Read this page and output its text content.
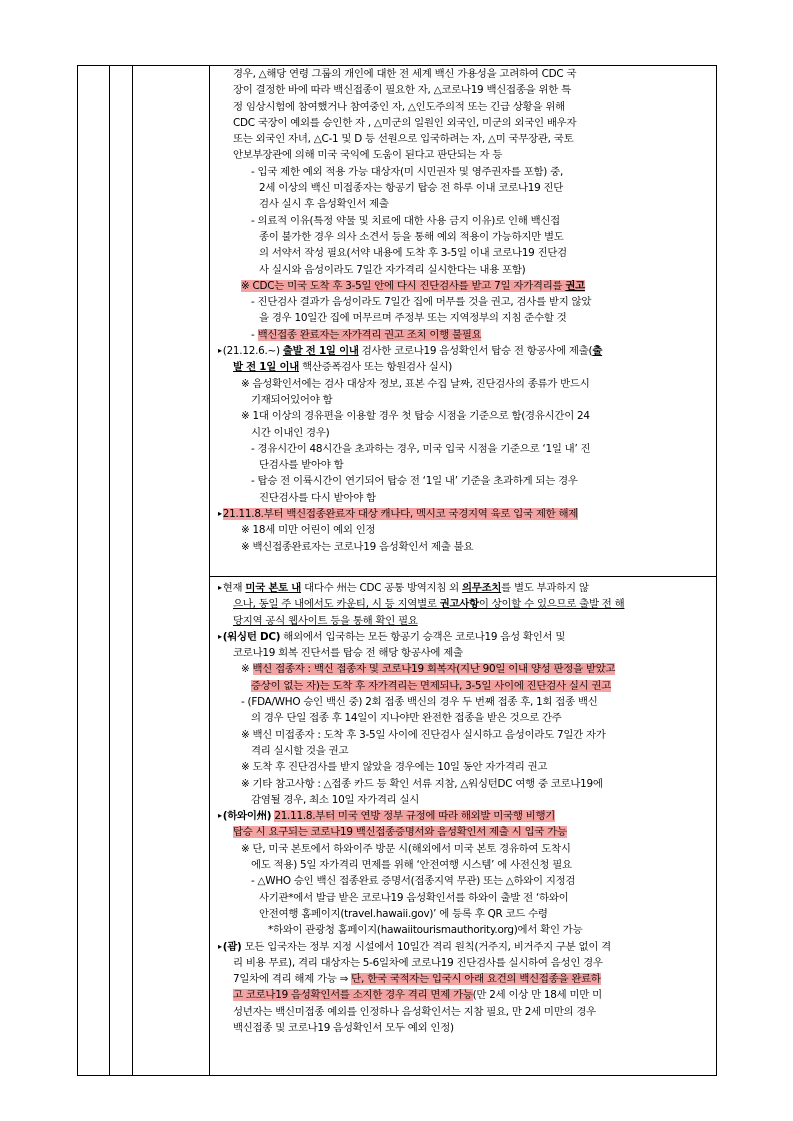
경우, △해당 연령 그룹의 개인에 대한 전 세계 백신 가용성을 고려하여 CDC 국
장이 결정한 바에 따라 백신접종이 필요한 자, △코로나19 백신접종을 위한 특
정 임상시험에 참여했거나 참여중인 자, △인도주의적 또는 긴급 상황을 위해
CDC 국장이 예외를 승인한 자 , △미군의 일원인 외국인, 미군의 외국인 배우자
또는 외국인 자녀, △C-1 및 D 등 선원으로 입국하려는 자, △미 국무장관, 국토
안보부장관에 의해 미국 국익에 도움이 된다고 판단되는 자 등
- 입국 제한 예외 적용 가능 대상자(미 시민권자 및 영주권자를 포함) 중,
2세 이상의 백신 미접종자는 항공기 탑승 전 하루 이내 코로나19 진단
검사 실시 후 음성확인서 제출
- 의료적 이유(특정 약물 및 치료에 대한 사용 금지 이유)로 인해 백신접
종이 불가한 경우 의사 소견서 등을 통해 예외 적용이 가능하지만 별도
의 서약서 작성 필요(서약 내용에 도착 후 3-5일 이내 코로나19 진단검
사 실시와 음성이라도 7일간 자가격리 실시한다는 내용 포함)
※ CDC는 미국 도착 후 3-5일 안에 다시 진단검사를 받고 7일 자가격리를 권고
- 진단검사 결과가 음성이라도 7일간 집에 머무를 것을 권고, 검사를 받지 않았
을 경우 10일간 집에 머무르며 주정부 또는 지역정부의 지침 준수할 것
- 백신접종 완료자는 자가격리 권고 조치 이행 불필요
▸(21.12.6.~) 출발 전 1일 이내 검사한 코로나19 음성확인서 탑승 전 항공사에 제출(출
발 전 1일 이내 핵산증폭검사 또는 항원검사 실시)
※ 음성확인서에는 검사 대상자 정보, 표본 수집 날짜, 진단검사의 종류가 반드시
기재되어있어야 함
※ 1대 이상의 경유편을 이용할 경우 첫 탑승 시점을 기준으로 함(경유시간이 24
시간 이내인 경우)
- 경유시간이 48시간을 초과하는 경우, 미국 입국 시점을 기준으로 ‘1일 내’ 진
단검사를 받아야 함
- 탑승 전 이륙시간이 연기되어 탑승 전 ‘1일 내’ 기준을 초과하게 되는 경우
진단검사를 다시 받아야 함
▸21.11.8.부터 백신접종완료자 대상 캐나다, 멕시코 국경지역 육로 입국 제한 해제
※ 18세 미만 어린이 예외 인정
※ 백신접종완료자는 코로나19 음성확인서 제출 불요
▸현재 미국 본토 내 대다수 州는 CDC 공통 방역지침 외 의무조치를 별도 부과하지 않
으나, 동일 주 내에서도 카운티, 시 등 지역별로 권고사항이 상이할 수 있으므로 출발 전 해
당지역 공식 웹사이트 등을 통해 확인 필요
▸(워싱턴 DC) 해외에서 입국하는 모든 항공기 승객은 코로나19 음성 확인서 및
코로나19 회복 진단서를 탑승 전 해당 항공사에 제출
※ 백신 접종자 : 백신 접종자 및 코로나19 회복자(지난 90일 이내 양성 판정을 받았고
증상이 없는 자)는 도착 후 자가격리는 면제되나, 3-5일 사이에 진단검사 실시 권고
- (FDA/WHO 승인 백신 중) 2회 접종 백신의 경우 두 번째 접종 후, 1회 접종 백신
의 경우 단일 접종 후 14일이 지나야만 완전한 접종을 받은 것으로 간주
※ 백신 미접종자 : 도착 후 3-5일 사이에 진단검사 실시하고 음성이라도 7일간 자가
격리 실시할 것을 권고
※ 도착 후 진단검사를 받지 않았을 경우에는 10일 동안 자가격리 권고
※ 기타 참고사항 : △접종 카드 등 확인 서류 지참, △워싱턴DC 여행 중 코로나19에
감염될 경우, 최소 10일 자가격리 실시
▸(하와이州) 21.11.8.부터 미국 연방 정부 규정에 따라 해외발 미국행 비행기
탑승 시 요구되는 코로나19 백신접종증명서와 음성확인서 제출 시 입국 가능
※ 단, 미국 본토에서 하와이주 방문 시(해외에서 미국 본토 경유하여 도착시
에도 적용) 5일 자가격리 면제를 위해 ‘안전여행 시스템’ 에 사전신청 필요
- △WHO 승인 백신 접종완료 증명서(접종지역 무관) 또는 △하와이 지정검
사기관*에서 발급 받은 코로나19 음성확인서를 하와이 출발 전 ‘하와이
안전여행 홈페이지(travel.hawaii.gov)’ 에 등록 후 QR 코드 수령
*하와이 관광청 홈페이지(hawaiitourismauthority.org)에서 확인 가능
▸(괌) 모든 입국자는 정부 지정 시설에서 10일간 격리 원칙(거주지, 비거주지 구분 없이 격
리 비용 무료), 격리 대상자는 5-6일차에 코로나19 진단검사를 실시하여 음성인 경우
7일차에 격리 해제 가능 ⇒ 단, 한국 국적자는 입국시 아래 요건의 백신접종을 완료하
고 코로나19 음성확인서를 소지한 경우 격리 면제 가능(만 2세 이상 만 18세 미만 미
성년자는 백신미접종 예외를 인정하나 음성확인서는 지참 필요, 만 2세 미만의 경우
백신접종 및 코로나19 음성확인서 모두 예외 인정)
